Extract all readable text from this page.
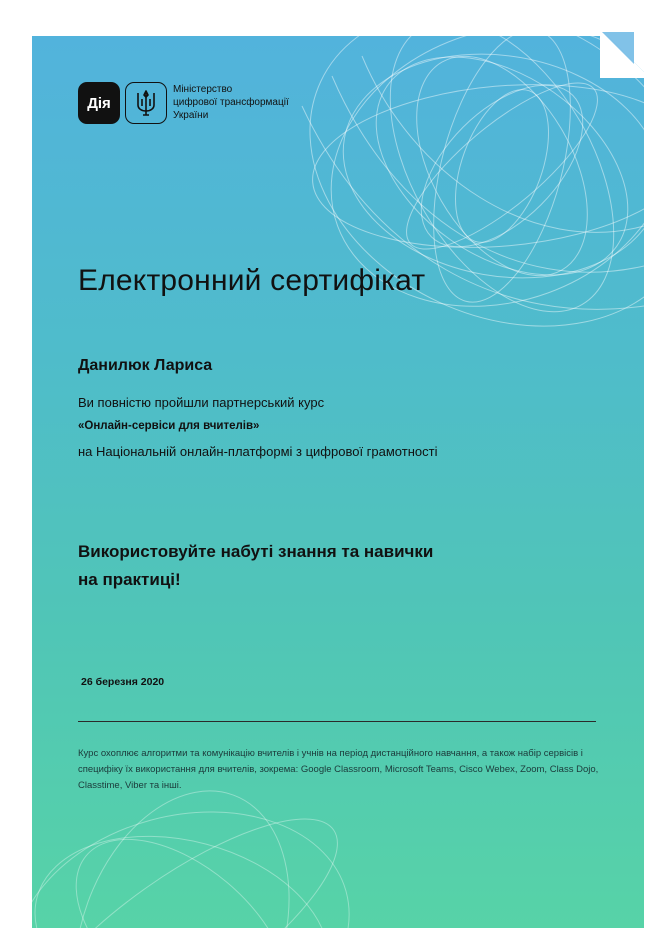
Дія
Міністерство
цифрової трансформації
України
Електронний сертифікат
Данилюк Лариса
Ви повністю пройшли партнерський курс
«Онлайн-сервіси для вчителів»
на Національній онлайн-платформі з цифрової грамотності
Використовуйте набуті знання та навички
на практиці!
26 березня 2020
Курс охоплює алгоритми та комунікацію вчителів і учнів на період дистанційного навчання, а також набір сервісів і специфіку їх використання для вчителів, зокрема: Google Classroom, Microsoft Teams, Cisco Webex, Zoom, Class Dojo, Classtime, Viber та інші.
